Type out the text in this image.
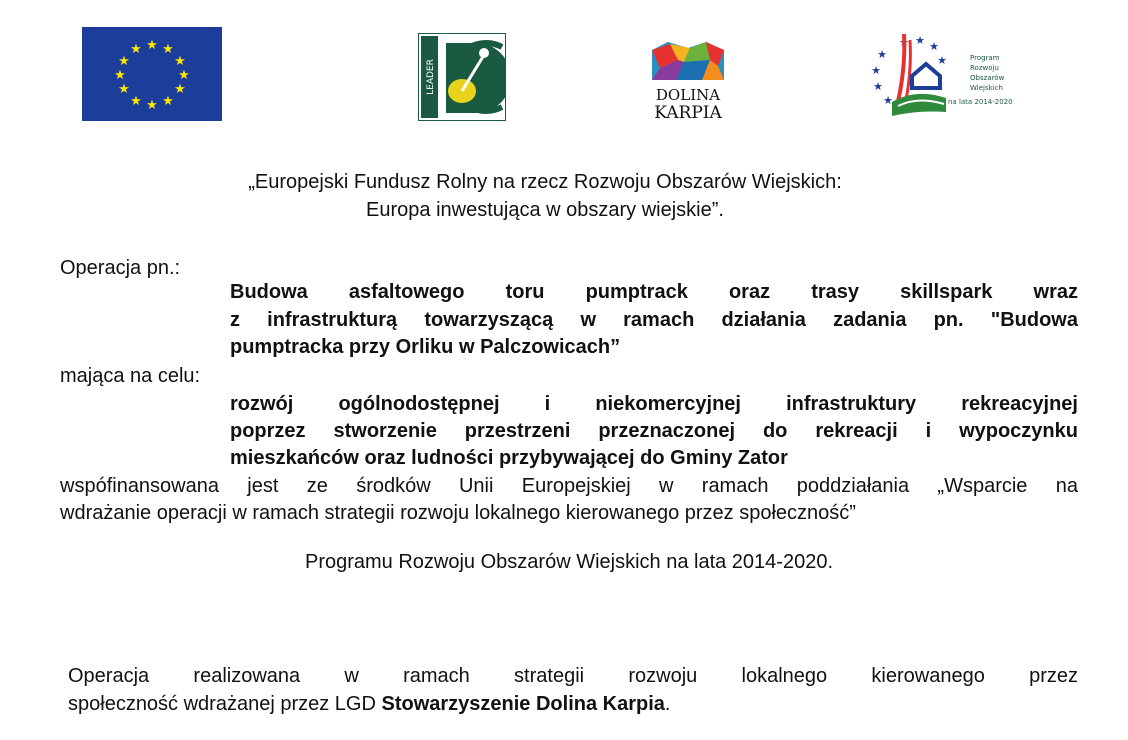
★ ★
★
★
★
★
★
★
★
★
★
★
LEADER
DOLINA
KARPIA
★ ★ ★
★
★
★
★
★
Program
Rozwoju
Obszarów
Wiejskich
na lata 2014-2020
„Europejski Fundusz Rolny na rzecz Rozwoju Obszarów Wiejskich:
Europa inwestująca w obszary wiejskie”.
Operacja pn.:
Budowa asfaltowego toru pumptrack oraz trasy skillspark wraz
z infrastrukturą towarzyszącą w ramach działania zadania pn. "Budowa
pumptracka przy Orliku w Palczowicach”
mająca na celu:
rozwój ogólnodostępnej i niekomercyjnej infrastruktury rekreacyjnej
poprzez stworzenie przestrzeni przeznaczonej do rekreacji i wypoczynku
mieszkańców oraz ludności przybywającej do Gminy Zator
wspófinansowana jest ze środków Unii Europejskiej w ramach poddziałania „Wsparcie na
wdrażanie operacji w ramach strategii rozwoju lokalnego kierowanego przez społeczność”
Programu Rozwoju Obszarów Wiejskich na lata 2014-2020.
Operacja realizowana w ramach strategii rozwoju lokalnego kierowanego przez
społeczność wdrażanej przez LGD Stowarzyszenie Dolina Karpia.
